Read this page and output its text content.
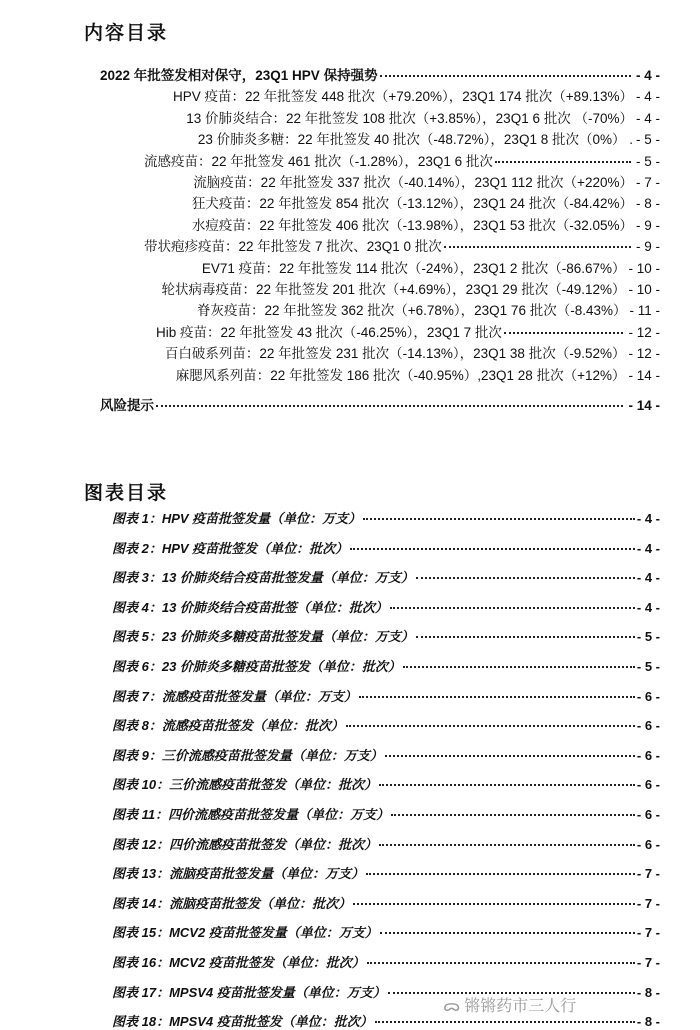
内容目录
2022 年批签发相对保守，23Q1 HPV 保持强势	- 4 -
HPV 疫苗：22 年批签发 448 批次（+79.20%），23Q1 174 批次（+89.13%） - 4 -
13 价肺炎结合：22 年批签发 108 批次（+3.85%），23Q1 6 批次 （-70%） - 4 -
23 价肺炎多糖：22 年批签发 40 批次（-48.72%），23Q1 8 批次（0%） . - 5 -
流感疫苗：22 年批签发 461 批次（-1.28%），23Q1 6 批次	- 5 -
流脑疫苗：22 年批签发 337 批次（-40.14%），23Q1 112 批次（+220%） - 7 -
狂犬疫苗：22 年批签发 854 批次（-13.12%），23Q1 24 批次（-84.42%） - 8 -
水痘疫苗：22 年批签发 406 批次（-13.98%），23Q1 53 批次（-32.05%） - 9 -
带状疱疹疫苗：22 年批签发 7 批次、23Q1 0 批次	- 9 -
EV71 疫苗：22 年批签发 114 批次（-24%），23Q1 2 批次（-86.67%） - 10 -
轮状病毒疫苗：22 年批签发 201 批次（+4.69%），23Q1 29 批次（-49.12%） - 10 -
脊灰疫苗：22 年批签发 362 批次（+6.78%），23Q1 76 批次（-8.43%） - 11 -
Hib 疫苗：22 年批签发 43 批次（-46.25%），23Q1 7 批次	- 12 -
百白破系列苗：22 年批签发 231 批次（-14.13%），23Q1 38 批次（-9.52%） - 12 -
麻腮风系列苗：22 年批签发 186 批次（-40.95%）,23Q1 28 批次（+12%） - 14 -
风险提示	- 14 -
图表目录
图表 1：HPV 疫苗批签发量（单位：万支）	- 4 -
图表 2：HPV 疫苗批签发（单位：批次）	- 4 -
图表 3：13 价肺炎结合疫苗批签发量（单位：万支）	- 4 -
图表 4：13 价肺炎结合疫苗批签（单位：批次）	- 4 -
图表 5：23 价肺炎多糖疫苗批签发量（单位：万支）	- 5 -
图表 6：23 价肺炎多糖疫苗批签发（单位：批次）	- 5 -
图表 7：流感疫苗批签发量（单位：万支）	- 6 -
图表 8：流感疫苗批签发（单位：批次）	- 6 -
图表 9：三价流感疫苗批签发量（单位：万支）	- 6 -
图表 10：三价流感疫苗批签发（单位：批次）	- 6 -
图表 11：四价流感疫苗批签发量（单位：万支）	- 6 -
图表 12：四价流感疫苗批签发（单位：批次）	- 6 -
图表 13：流脑疫苗批签发量（单位：万支）	- 7 -
图表 14：流脑疫苗批签发（单位：批次）	- 7 -
图表 15：MCV2 疫苗批签发量（单位：万支）	- 7 -
图表 16：MCV2 疫苗批签发（单位：批次）	- 7 -
图表 17：MPSV4 疫苗批签发量（单位：万支）	- 8 -
图表 18：MPSV4 疫苗批签发（单位：批次）	- 8 -
ᯅ 锵锵药市三人行
